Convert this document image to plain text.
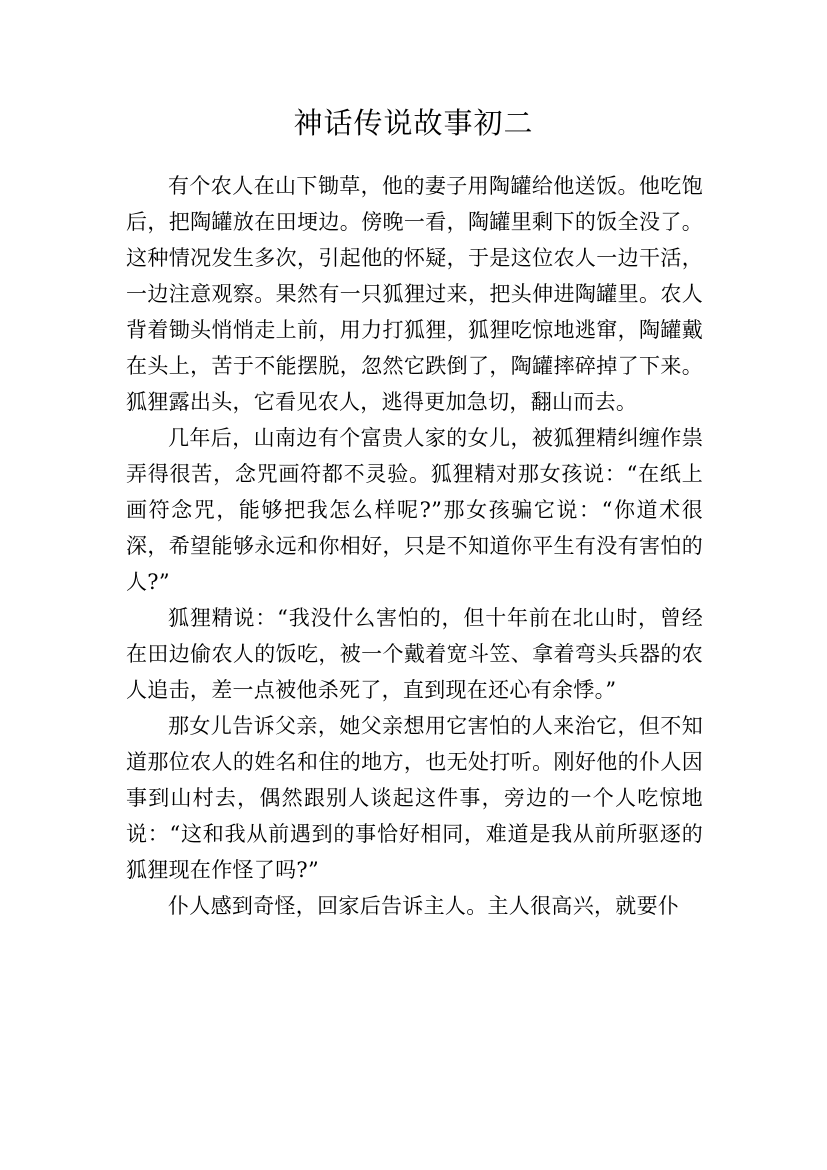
神话传说故事初二

有个农人在山下锄草，他的妻子用陶罐给他送饭。他吃饱后，把陶罐放在田埂边。傍晚一看，陶罐里剩下的饭全没了。这种情况发生多次，引起他的怀疑，于是这位农人一边干活，一边注意观察。果然有一只狐狸过来，把头伸进陶罐里。农人背着锄头悄悄走上前，用力打狐狸，狐狸吃惊地逃窜，陶罐戴在头上，苦于不能摆脱，忽然它跌倒了，陶罐摔碎掉了下来。狐狸露出头，它看见农人，逃得更加急切，翻山而去。

几年后，山南边有个富贵人家的女儿，被狐狸精纠缠作祟弄得很苦，念咒画符都不灵验。狐狸精对那女孩说：“在纸上画符念咒，能够把我怎么样呢?”那女孩骗它说：“你道术很深，希望能够永远和你相好，只是不知道你平生有没有害怕的人?”

狐狸精说：“我没什么害怕的，但十年前在北山时，曾经在田边偷农人的饭吃，被一个戴着宽斗笠、拿着弯头兵器的农人追击，差一点被他杀死了，直到现在还心有余悸。”

那女儿告诉父亲，她父亲想用它害怕的人来治它，但不知道那位农人的姓名和住的地方，也无处打听。刚好他的仆人因事到山村去，偶然跟别人谈起这件事，旁边的一个人吃惊地说：“这和我从前遇到的事恰好相同，难道是我从前所驱逐的狐狸现在作怪了吗?”

仆人感到奇怪，回家后告诉主人。主人很高兴，就要仆
